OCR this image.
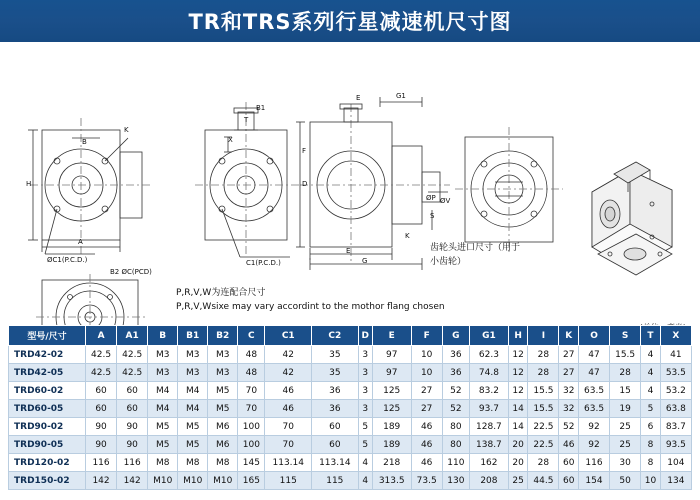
TR和TRS系列行星减速机尺寸图
ØC1(P.C.D.)
B2 ØC(PCD)
K
B
H
A
C1(P.C.D.)
B1
D
E
G
F
G1
E
K
S
ØP ØV
X
T
P,R,V,W为连配合尺寸
P,R,V,Wsixe may vary accordint to the mothor flang chosen
齿轮头进口尺寸（用于
小齿轮）
型号/尺寸	A	A1	B	B1	B2	C	C1	C2	D	E	F	G	G1	H	I	K	O	S	T	X
TRD42-02	42.5	42.5	M3	M3	M3	48	42	35	3	97	10	36	62.3	12	28	27	47	15.5	4	41
TRD42-05	42.5	42.5	M3	M3	M3	48	42	35	3	97	10	36	74.8	12	28	27	47	28	4	53.5
TRD60-02	60	60	M4	M4	M5	70	46	36	3	125	27	52	83.2	12	15.5	32	63.5	15	4	53.2
TRD60-05	60	60	M4	M4	M5	70	46	36	3	125	27	52	93.7	14	15.5	32	63.5	19	5	63.8
TRD90-02	90	90	M5	M5	M6	100	70	60	5	189	46	80	128.7	14	22.5	52	92	25	6	83.7
TRD90-05	90	90	M5	M5	M6	100	70	60	5	189	46	80	138.7	20	22.5	46	92	25	8	93.5
TRD120-02	116	116	M8	M8	M8	145	113.14	113.14	4	218	46	110	162	20	28	60	116	30	8	104
TRD150-02	142	142	M10	M10	M10	165	115	115	4	313.5	73.5	130	208	25	44.5	60	154	50	10	134
